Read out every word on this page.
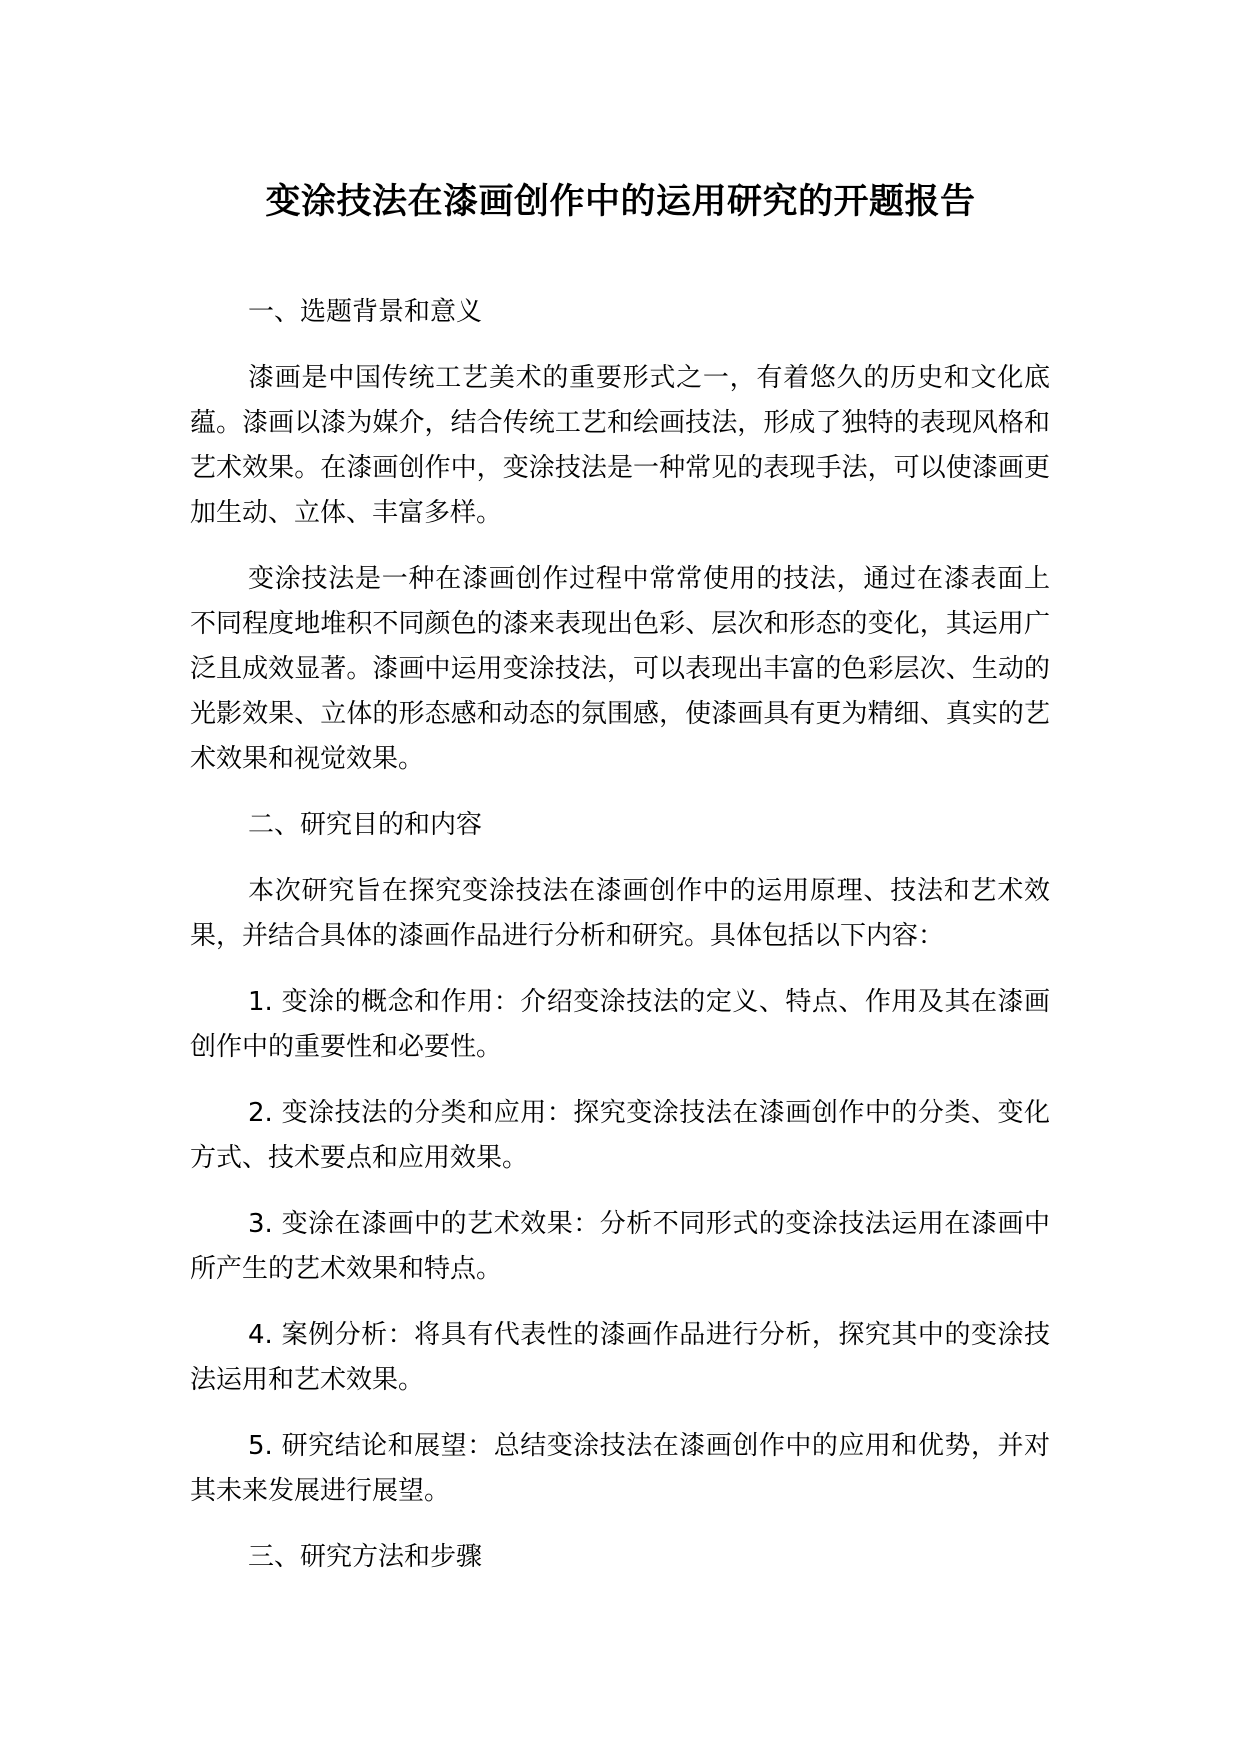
变涂技法在漆画创作中的运用研究的开题报告

一、选题背景和意义

漆画是中国传统工艺美术的重要形式之一，有着悠久的历史和文化底蕴。漆画以漆为媒介，结合传统工艺和绘画技法，形成了独特的表现风格和艺术效果。在漆画创作中，变涂技法是一种常见的表现手法，可以使漆画更加生动、立体、丰富多样。

变涂技法是一种在漆画创作过程中常常使用的技法，通过在漆表面上不同程度地堆积不同颜色的漆来表现出色彩、层次和形态的变化，其运用广泛且成效显著。漆画中运用变涂技法，可以表现出丰富的色彩层次、生动的光影效果、立体的形态感和动态的氛围感，使漆画具有更为精细、真实的艺术效果和视觉效果。

二、研究目的和内容

本次研究旨在探究变涂技法在漆画创作中的运用原理、技法和艺术效果，并结合具体的漆画作品进行分析和研究。具体包括以下内容：

1. 变涂的概念和作用：介绍变涂技法的定义、特点、作用及其在漆画创作中的重要性和必要性。

2. 变涂技法的分类和应用：探究变涂技法在漆画创作中的分类、变化方式、技术要点和应用效果。

3. 变涂在漆画中的艺术效果：分析不同形式的变涂技法运用在漆画中所产生的艺术效果和特点。

4. 案例分析：将具有代表性的漆画作品进行分析，探究其中的变涂技法运用和艺术效果。

5. 研究结论和展望：总结变涂技法在漆画创作中的应用和优势，并对其未来发展进行展望。

三、研究方法和步骤
